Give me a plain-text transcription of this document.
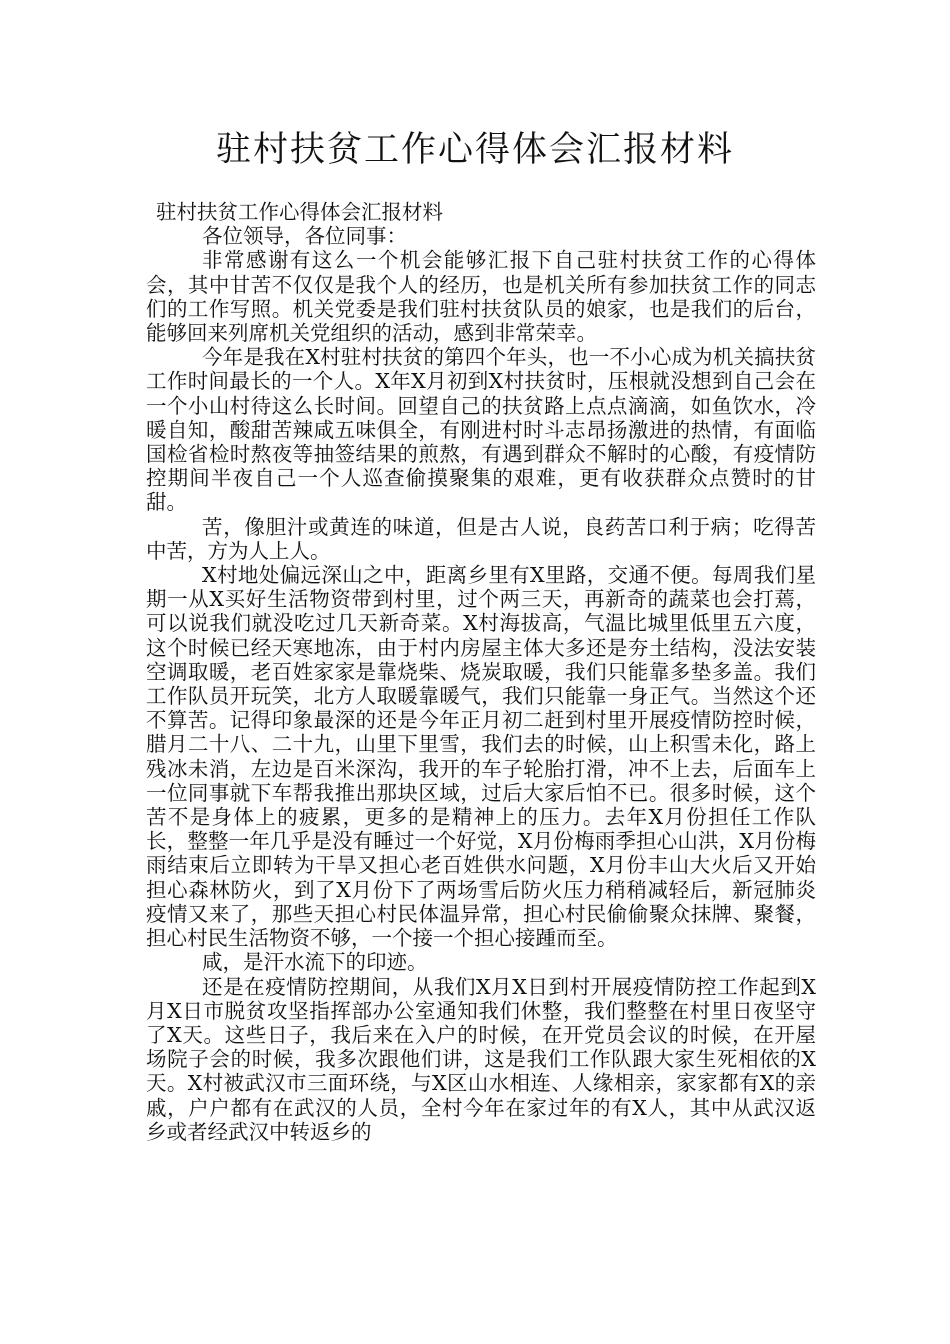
驻村扶贫工作心得体会汇报材料

驻村扶贫工作心得体会汇报材料

各位领导，各位同事：

非常感谢有这么一个机会能够汇报下自己驻村扶贫工作的心得体会，其中甘苦不仅仅是我个人的经历，也是机关所有参加扶贫工作的同志们的工作写照。机关党委是我们驻村扶贫队员的娘家，也是我们的后台，能够回来列席机关党组织的活动，感到非常荣幸。

今年是我在X村驻村扶贫的第四个年头，也一不小心成为机关搞扶贫工作时间最长的一个人。X年X月初到X村扶贫时，压根就没想到自己会在一个小山村待这么长时间。回望自己的扶贫路上点点滴滴，如鱼饮水，冷暖自知，酸甜苦辣咸五味俱全，有刚进村时斗志昂扬激进的热情，有面临国检省检时熬夜等抽签结果的煎熬，有遇到群众不解时的心酸，有疫情防控期间半夜自己一个人巡查偷摸聚集的艰难，更有收获群众点赞时的甘甜。

苦，像胆汁或黄连的味道，但是古人说，良药苦口利于病；吃得苦中苦，方为人上人。

X村地处偏远深山之中，距离乡里有X里路，交通不便。每周我们星期一从X买好生活物资带到村里，过个两三天，再新奇的蔬菜也会打蔫，可以说我们就没吃过几天新奇菜。X村海拔高，气温比城里低里五六度，这个时候已经天寒地冻，由于村内房屋主体大多还是夯土结构，没法安装空调取暖，老百姓家家是靠烧柴、烧炭取暖，我们只能靠多垫多盖。我们工作队员开玩笑，北方人取暖靠暖气，我们只能靠一身正气。当然这个还不算苦。记得印象最深的还是今年正月初二赶到村里开展疫情防控时候，腊月二十八、二十九，山里下里雪，我们去的时候，山上积雪未化，路上残冰未消，左边是百米深沟，我开的车子轮胎打滑，冲不上去，后面车上一位同事就下车帮我推出那块区域，过后大家后怕不已。很多时候，这个苦不是身体上的疲累，更多的是精神上的压力。去年X月份担任工作队长，整整一年几乎是没有睡过一个好觉，X月份梅雨季担心山洪，X月份梅雨结束后立即转为干旱又担心老百姓供水问题，X月份丰山大火后又开始担心森林防火，到了X月份下了两场雪后防火压力稍稍减轻后，新冠肺炎疫情又来了，那些天担心村民体温异常，担心村民偷偷聚众抹牌、聚餐，担心村民生活物资不够，一个接一个担心接踵而至。

咸，是汗水流下的印迹。

还是在疫情防控期间，从我们X月X日到村开展疫情防控工作起到X月X日市脱贫攻坚指挥部办公室通知我们休整，我们整整在村里日夜坚守了X天。这些日子，我后来在入户的时候，在开党员会议的时候，在开屋场院子会的时候，我多次跟他们讲，这是我们工作队跟大家生死相依的X天。X村被武汉市三面环绕，与X区山水相连、人缘相亲，家家都有X的亲戚，户户都有在武汉的人员，全村今年在家过年的有X人，其中从武汉返乡或者经武汉中转返乡的
